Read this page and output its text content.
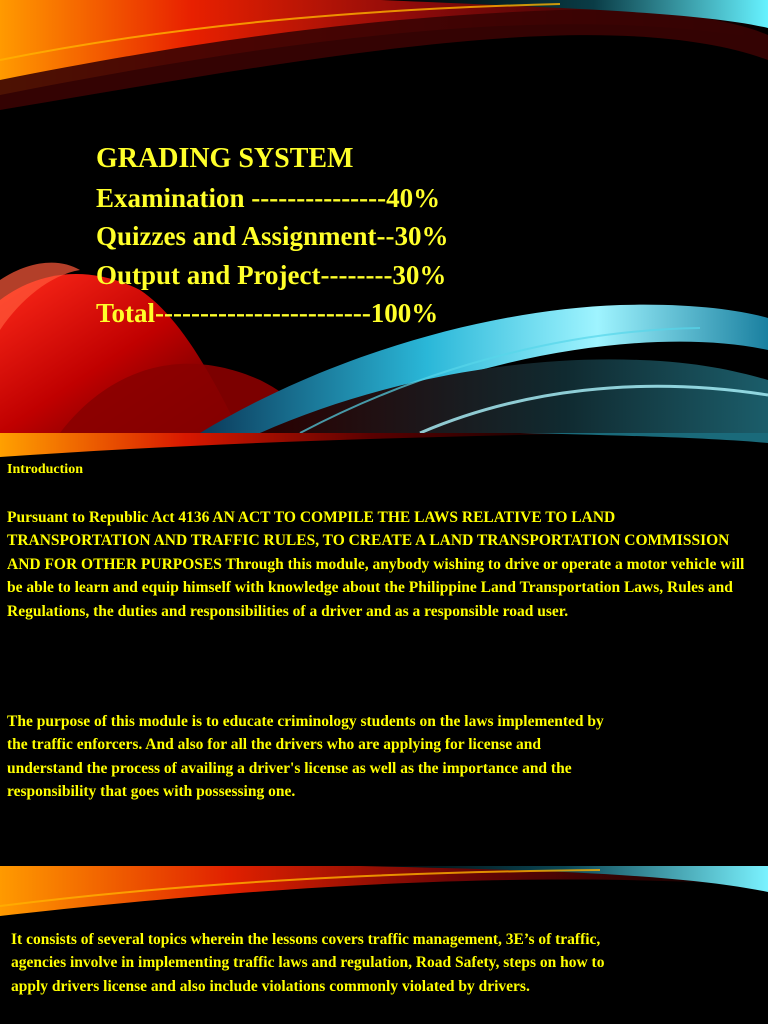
GRADING SYSTEM
Examination ---------------40%
Quizzes and Assignment--30%
Output and Project--------30%
Total------------------------100%
Introduction
Pursuant to Republic Act 4136 AN ACT TO COMPILE THE LAWS RELATIVE TO LAND TRANSPORTATION AND TRAFFIC RULES, TO CREATE A LAND TRANSPORTATION COMMISSION AND FOR OTHER PURPOSES Through this module, anybody wishing to drive or operate a motor vehicle will be able to learn and equip himself with knowledge about the Philippine Land Transportation Laws, Rules and Regulations, the duties and responsibilities of a driver and as a responsible road user.
The purpose of this module is to educate criminology students on the laws implemented by the traffic enforcers. And also for all the drivers who are applying for license and understand the process of availing a driver's license as well as the importance and the responsibility that goes with possessing one.
It consists of several topics wherein the lessons covers traffic management, 3E’s of traffic, agencies involve in implementing traffic laws and regulation, Road Safety, steps on how to apply drivers license and also include violations commonly violated by drivers.
